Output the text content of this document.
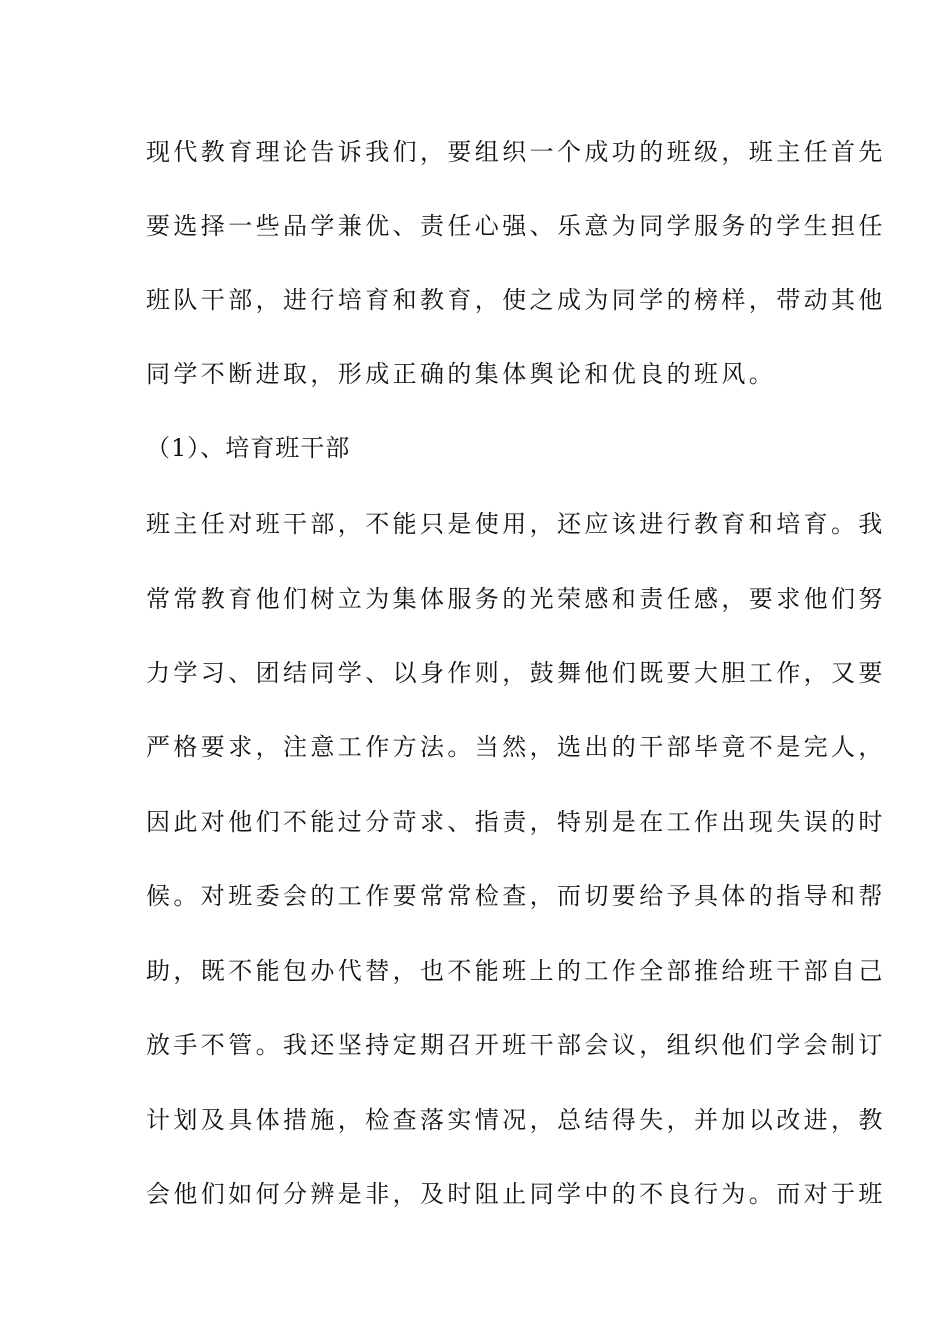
现代教育理论告诉我们，要组织一个成功的班级，班主任首先
要选择一些品学兼优、责任心强、乐意为同学服务的学生担任
班队干部，进行培育和教育，使之成为同学的榜样，带动其他
同学不断进取，形成正确的集体舆论和优良的班风。
（1）、培育班干部
班主任对班干部，不能只是使用，还应该进行教育和培育。我
常常教育他们树立为集体服务的光荣感和责任感，要求他们努
力学习、团结同学、以身作则，鼓舞他们既要大胆工作，又要
严格要求，注意工作方法。当然，选出的干部毕竟不是完人，
因此对他们不能过分苛求、指责，特别是在工作出现失误的时
候。对班委会的工作要常常检查，而切要给予具体的指导和帮
助，既不能包办代替，也不能班上的工作全部推给班干部自己
放手不管。我还坚持定期召开班干部会议，组织他们学会制订
计划及具体措施，检查落实情况，总结得失，并加以改进，教
会他们如何分辨是非，及时阻止同学中的不良行为。而对于班
